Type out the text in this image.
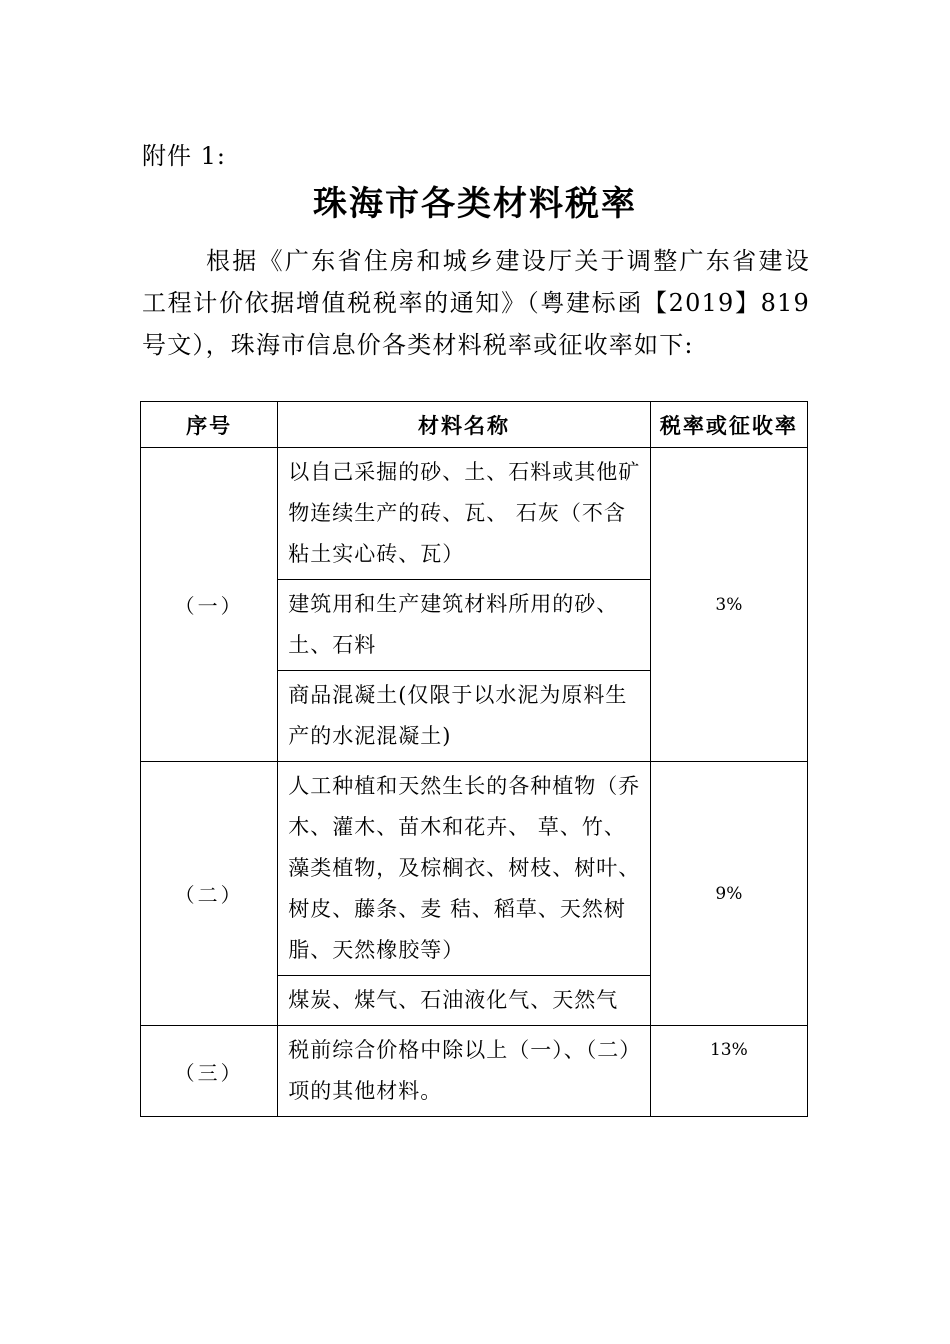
附件 1:
珠海市各类材料税率

根据《广东省住房和城乡建设厅关于调整广东省建设工程计价依据增值税税率的通知》（粤建标函【2019】819号文），珠海市信息价各类材料税率或征收率如下:

序号	材料名称	税率或征收率
（一）	以自己采掘的砂、土、石料或其他矿物连续生产的砖、瓦、 石灰（不含粘土实心砖、瓦）	3%
	建筑用和生产建筑材料所用的砂、土、石料	
	商品混凝土(仅限于以水泥为原料生产的水泥混凝土)	
（二）	人工种植和天然生长的各种植物（乔木、灌木、苗木和花卉、 草、竹、藻类植物，及棕榈衣、树枝、树叶、树皮、藤条、麦 秸、稻草、天然树脂、天然橡胶等）	9%
	煤炭、煤气、石油液化气、天然气	
（三）	税前综合价格中除以上（一）、（二）项的其他材料。	13%
